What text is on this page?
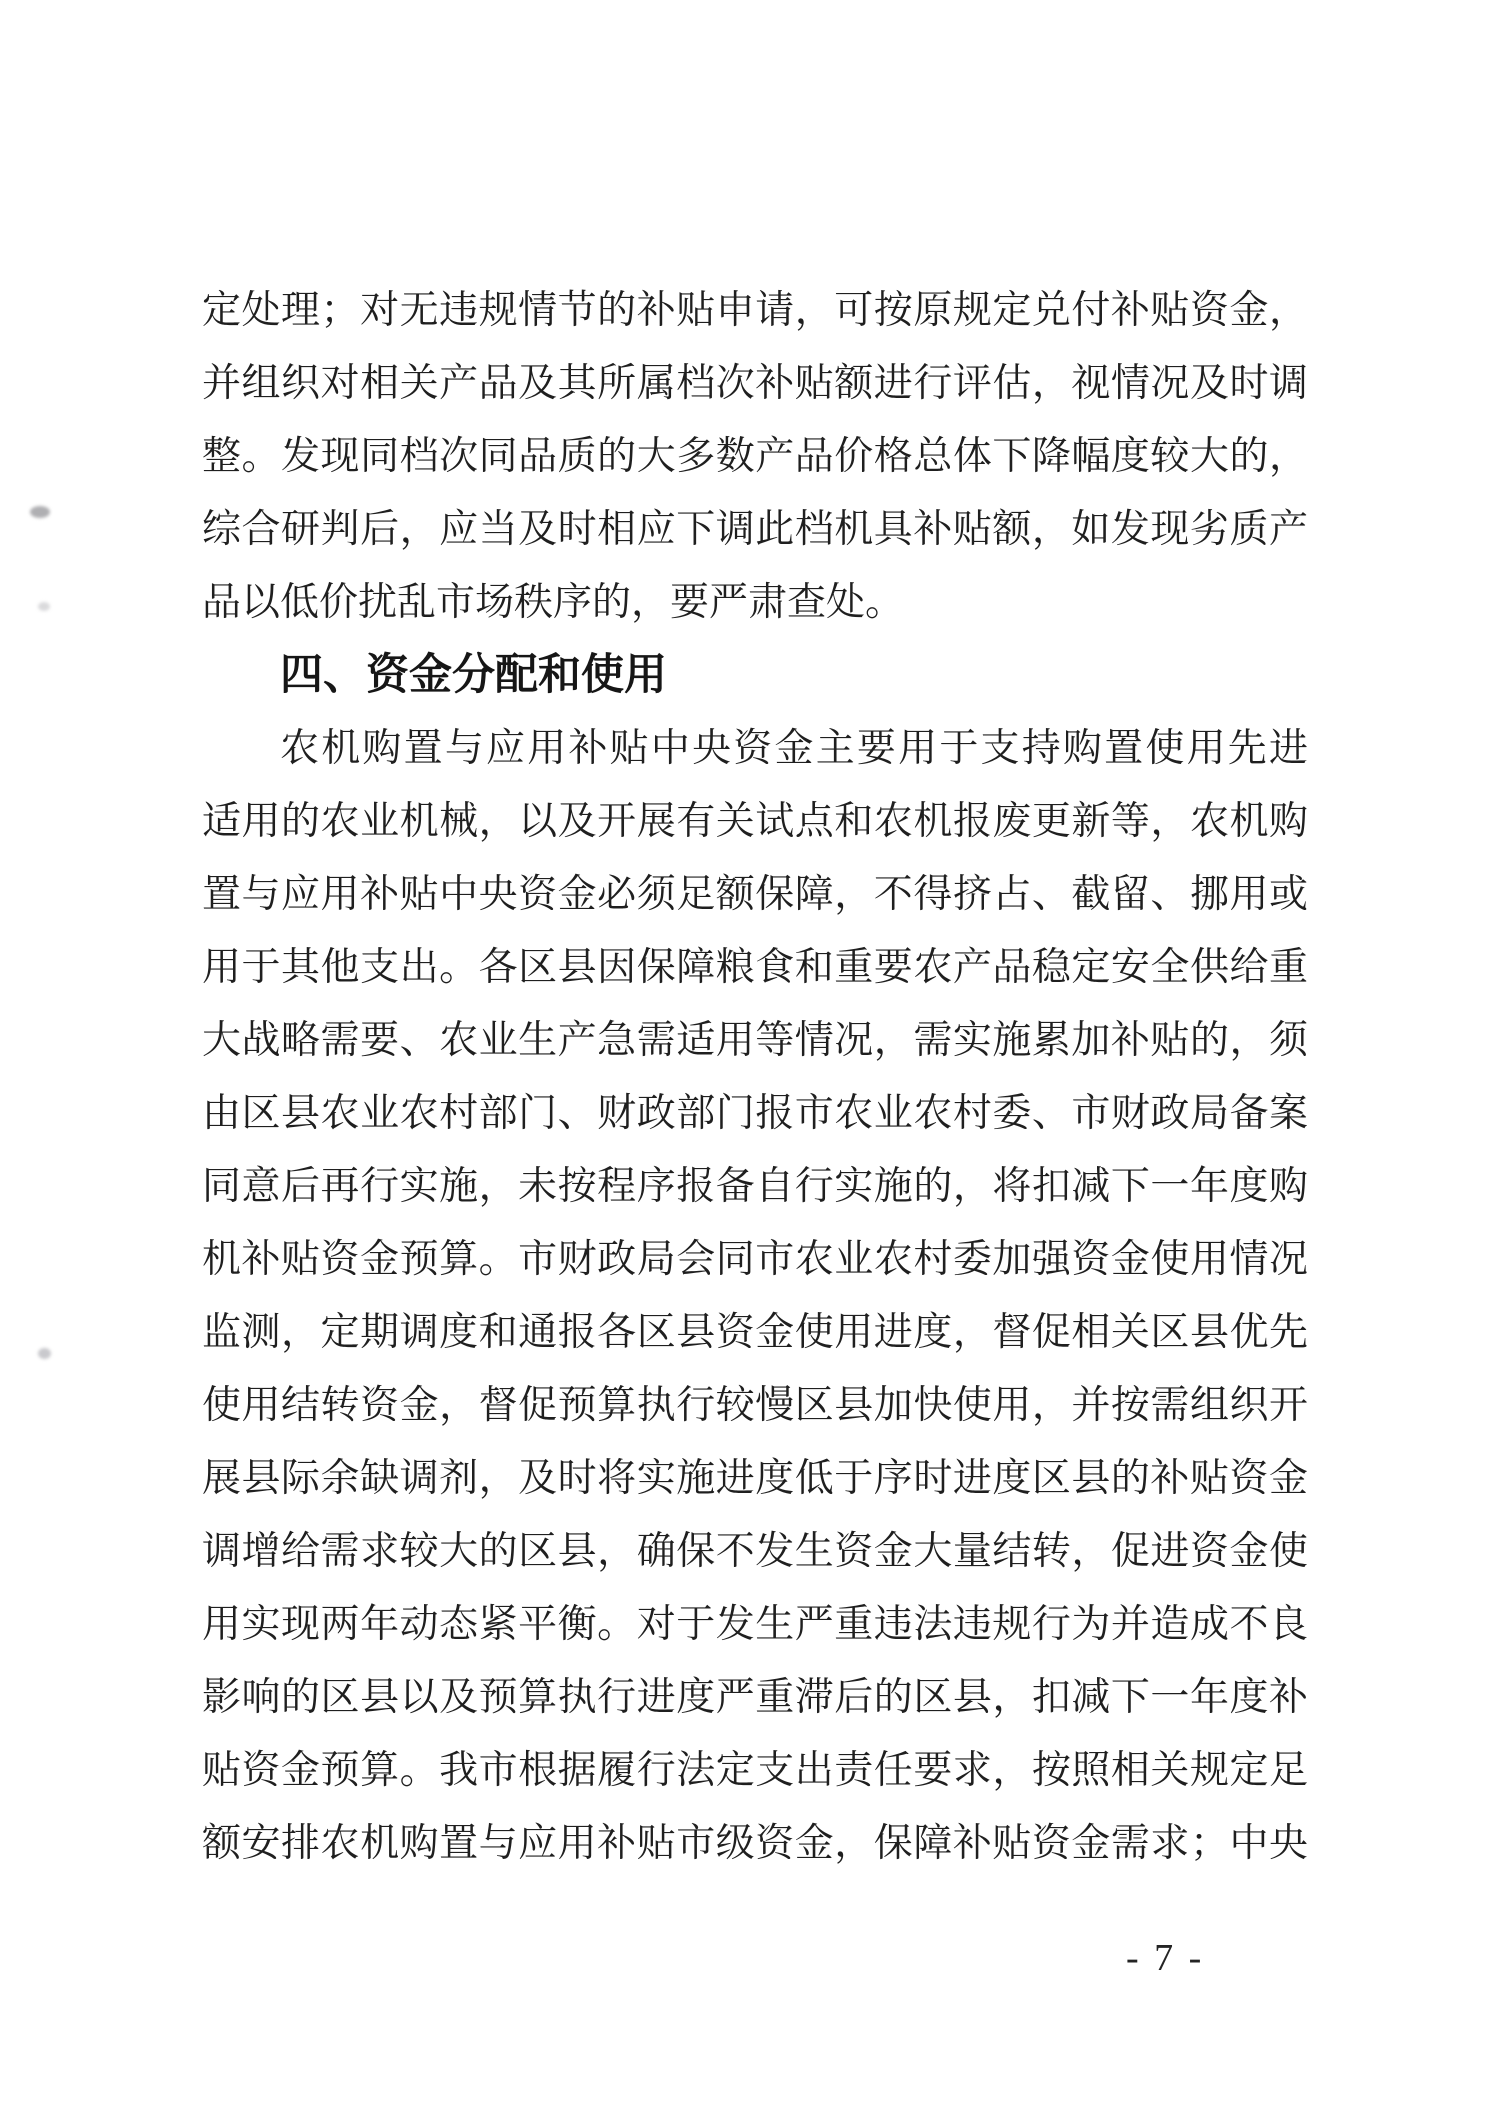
定处理；对无违规情节的补贴申请，可按原规定兑付补贴资金，
并组织对相关产品及其所属档次补贴额进行评估，视情况及时调
整。发现同档次同品质的大多数产品价格总体下降幅度较大的，
综合研判后，应当及时相应下调此档机具补贴额，如发现劣质产
品以低价扰乱市场秩序的，要严肃查处。
四、资金分配和使用
农机购置与应用补贴中央资金主要用于支持购置使用先进
适用的农业机械，以及开展有关试点和农机报废更新等，农机购
置与应用补贴中央资金必须足额保障，不得挤占、截留、挪用或
用于其他支出。各区县因保障粮食和重要农产品稳定安全供给重
大战略需要、农业生产急需适用等情况，需实施累加补贴的，须
由区县农业农村部门、财政部门报市农业农村委、市财政局备案
同意后再行实施，未按程序报备自行实施的，将扣减下一年度购
机补贴资金预算。市财政局会同市农业农村委加强资金使用情况
监测，定期调度和通报各区县资金使用进度，督促相关区县优先
使用结转资金，督促预算执行较慢区县加快使用，并按需组织开
展县际余缺调剂，及时将实施进度低于序时进度区县的补贴资金
调增给需求较大的区县，确保不发生资金大量结转，促进资金使
用实现两年动态紧平衡。对于发生严重违法违规行为并造成不良
影响的区县以及预算执行进度严重滞后的区县，扣减下一年度补
贴资金预算。我市根据履行法定支出责任要求，按照相关规定足
额安排农机购置与应用补贴市级资金，保障补贴资金需求；中央
- 7 -
